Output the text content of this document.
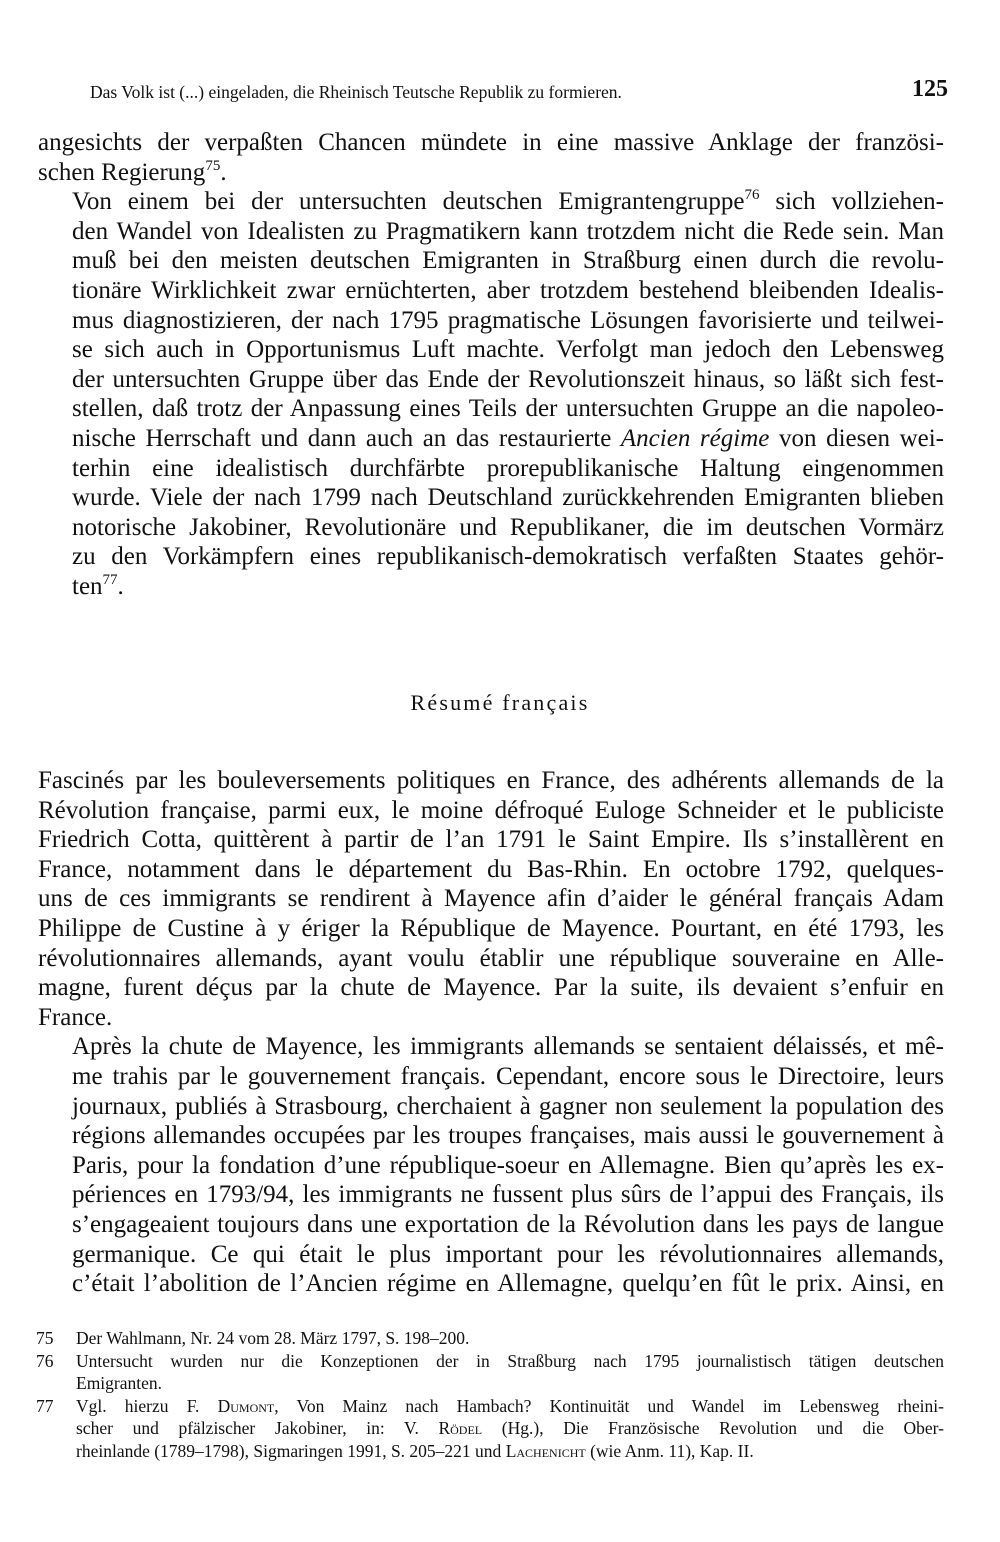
Das Volk ist (...) eingeladen, die Rheinisch Teutsche Republik zu formieren.	125

angesichts der verpaßten Chancen mündete in eine massive Anklage der französi-
schen Regierung$^{75}$.

Von einem bei der untersuchten deutschen Emigrantengruppe$^{76}$ sich vollziehen-
den Wandel von Idealisten zu Pragmatikern kann trotzdem nicht die Rede sein. Man
muß bei den meisten deutschen Emigranten in Straßburg einen durch die revolu-
tionäre Wirklichkeit zwar ernüchterten, aber trotzdem bestehend bleibenden Idealis-
mus diagnostizieren, der nach 1795 pragmatische Lösungen favorisierte und teilwei-
se sich auch in Opportunismus Luft machte. Verfolgt man jedoch den Lebensweg
der untersuchten Gruppe über das Ende der Revolutionszeit hinaus, so läßt sich fest-
stellen, daß trotz der Anpassung eines Teils der untersuchten Gruppe an die napoleo-
nische Herrschaft und dann auch an das restaurierte Ancien régime von diesen wei-
terhin eine idealistisch durchfärbte prorepublikanische Haltung eingenommen
wurde. Viele der nach 1799 nach Deutschland zurückkehrenden Emigranten blieben
notorische Jakobiner, Revolutionäre und Republikaner, die im deutschen Vormärz
zu den Vorkämpfern eines republikanisch-demokratisch verfaßten Staates gehör-
ten$^{77}$.

Résumé français

Fascinés par les bouleversements politiques en France, des adhérents allemands de la
Révolution française, parmi eux, le moine défroqué Euloge Schneider et le publiciste
Friedrich Cotta, quittèrent à partir de l’an 1791 le Saint Empire. Ils s’installèrent en
France, notamment dans le département du Bas-Rhin. En octobre 1792, quelques-
uns de ces immigrants se rendirent à Mayence afin d’aider le général français Adam
Philippe de Custine à y ériger la République de Mayence. Pourtant, en été 1793, les
révolutionnaires allemands, ayant voulu établir une république souveraine en Alle-
magne, furent déçus par la chute de Mayence. Par la suite, ils devaient s’enfuir en
France.

Après la chute de Mayence, les immigrants allemands se sentaient délaissés, et mê-
me trahis par le gouvernement français. Cependant, encore sous le Directoire, leurs
journaux, publiés à Strasbourg, cherchaient à gagner non seulement la population des
régions allemandes occupées par les troupes françaises, mais aussi le gouvernement à
Paris, pour la fondation d’une république-soeur en Allemagne. Bien qu’après les ex-
périences en 1793/94, les immigrants ne fussent plus sûrs de l’appui des Français, ils
s’engageaient toujours dans une exportation de la Révolution dans les pays de langue
germanique. Ce qui était le plus important pour les révolutionnaires allemands,
c’était l’abolition de l’Ancien régime en Allemagne, quelqu’en fût le prix. Ainsi, en

75 Der Wahlmann, Nr. 24 vom 28. März 1797, S. 198–200.
76 Untersucht wurden nur die Konzeptionen der in Straßburg nach 1795 journalistisch tätigen deutschen
Emigranten.
77 Vgl. hierzu F. Dumont, Von Mainz nach Hambach? Kontinuität und Wandel im Lebensweg rheini-
scher und pfälzischer Jakobiner, in: V. Rödel (Hg.), Die Französische Revolution und die Ober-
rheinlande (1789–1798), Sigmaringen 1991, S. 205–221 und Lachenicht (wie Anm. 11), Kap. II.
